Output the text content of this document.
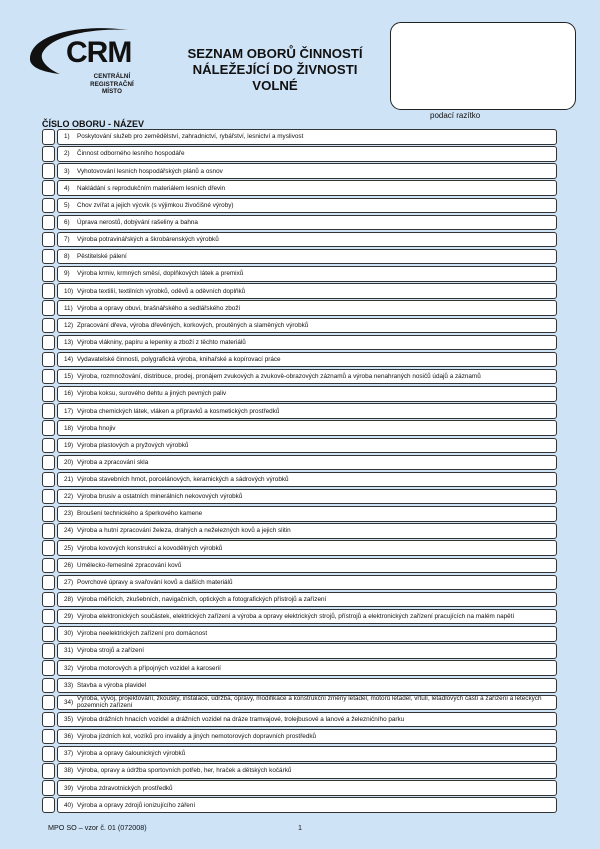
CRM
CENTRÁLNÍ
REGISTRAČNÍ MÍSTO
SEZNAM OBORŮ ČINNOSTÍ
NÁLEŽEJÍCÍ DO ŽIVNOSTI VOLNÉ
podací razítko
ČÍSLO OBORU - NÁZEV
1)	Poskytování služeb pro zemědělství, zahradnictví, rybářství, lesnictví a myslivost
2)	Činnost odborného lesního hospodáře
3)	Vyhotovování lesních hospodářských plánů a osnov
4)	Nakládání s reprodukčním materiálem lesních dřevin
5)	Chov zvířat a jejich výcvik (s výjimkou živočišné výroby)
6)	Úprava nerostů, dobývání rašeliny a bahna
7)	Výroba potravinářských a škrobárenských výrobků
8)	Pěstitelské pálení
9)	Výroba krmiv, krmných směsí, doplňkových látek a premixů
10) Výroba textilií, textilních výrobků, oděvů a oděvních doplňků
11) Výroba a opravy obuvi, brašnářského a sedlářského zboží
12) Zpracování dřeva, výroba dřevěných, korkových, proutěných a slaměných výrobků
13) Výroba vlákniny, papíru a lepenky a zboží z těchto materiálů
14) Vydavatelské činnosti, polygrafická výroba, knihařské a kopírovací práce
15) Výroba, rozmnožování, distribuce, prodej, pronájem zvukových a zvukově-obrazových záznamů a výroba nenahraných nosičů údajů a záznamů
16) Výroba koksu, surového dehtu a jiných pevných paliv
17) Výroba chemických látek, vláken a přípravků a kosmetických prostředků
18) Výroba hnojiv
19) Výroba plastových a pryžových výrobků
20) Výroba a zpracování skla
21) Výroba stavebních hmot, porcelánových, keramických a sádrových výrobků
22) Výroba brusiv a ostatních minerálních nekovových výrobků
23) Broušení technického a šperkového kamene
24) Výroba a hutní zpracování železa, drahých a neželezných kovů a jejich slitin
25) Výroba kovových konstrukcí a kovodělných výrobků
26) Umělecko-řemeslné zpracování kovů
27) Povrchové úpravy a svařování kovů a dalších materiálů
28) Výroba měřicích, zkušebních, navigačních, optických a fotografických přístrojů a zařízení
29) Výroba elektronických součástek, elektrických zařízení a výroba a opravy elektrických strojů, přístrojů a elektronických zařízení pracujících na malém napětí
30) Výroba neelektrických zařízení pro domácnost
31) Výroba strojů a zařízení
32) Výroba motorových a přípojných vozidel a karoserií
33) Stavba a výroba plavidel
34) Výroba, vývoj, projektování, zkoušky, instalace, údržba, opravy, modifikace a konstrukční změny letadel, motorů letadel, vrtulí, letadlových částí a zařízení a leteckých pozemních zařízení
35) Výroba drážních hnacích vozidel a drážních vozidel na dráze tramvajové, trolejbusové a lanové a železničního parku
36) Výroba jízdních kol, vozíků pro invalidy a jiných nemotorových dopravních prostředků
37) Výroba a opravy čalounických výrobků
38) Výroba, opravy a údržba sportovních potřeb, her, hraček a dětských kočárků
39) Výroba zdravotnických prostředků
40) Výroba a opravy zdrojů ionizujícího záření
MPO SO – vzor č. 01 (072008)	1
